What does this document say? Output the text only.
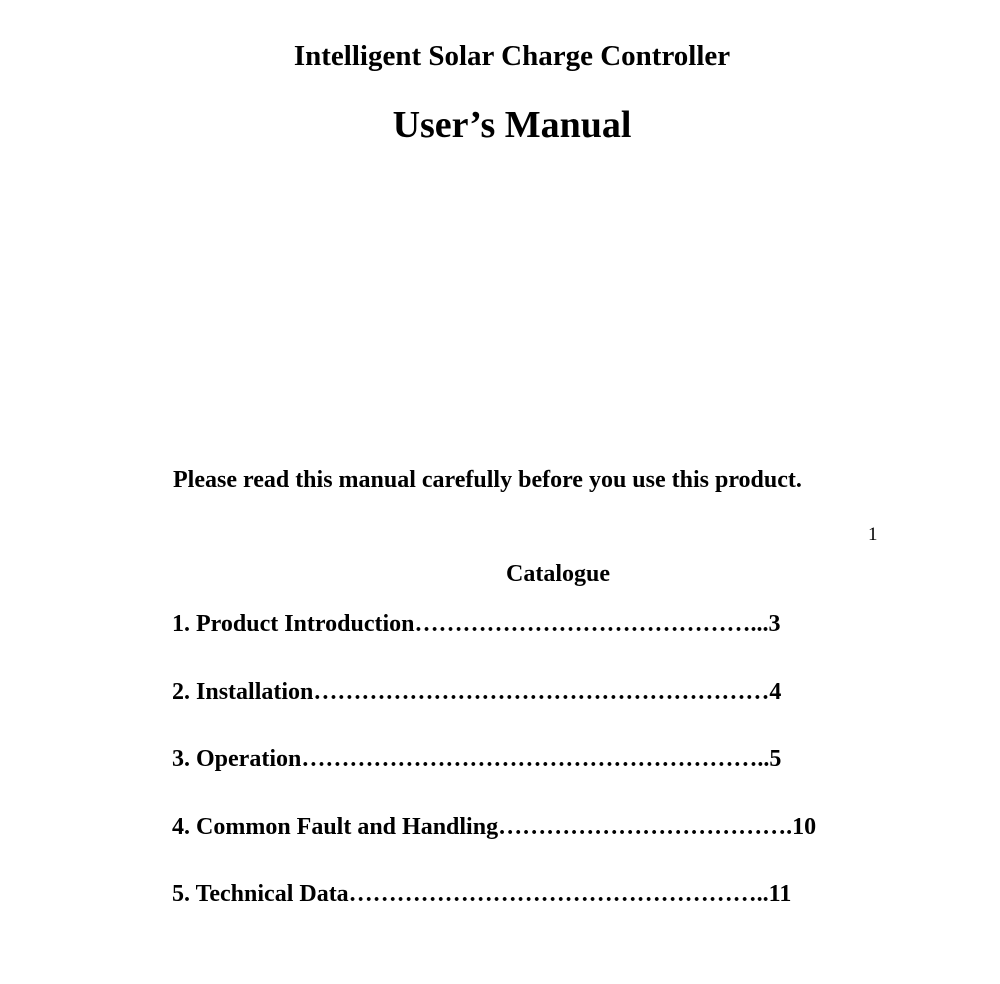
Intelligent Solar Charge Controller
User’s Manual
Please read this manual carefully before you use this product.
1
Catalogue
1. Product Introduction……………………………………...3
2. Installation…………………………………………………4
3. Operation…………………………………………………..5
4. Common Fault and Handling……………………………….10
5. Technical Data……………………………………………..11
